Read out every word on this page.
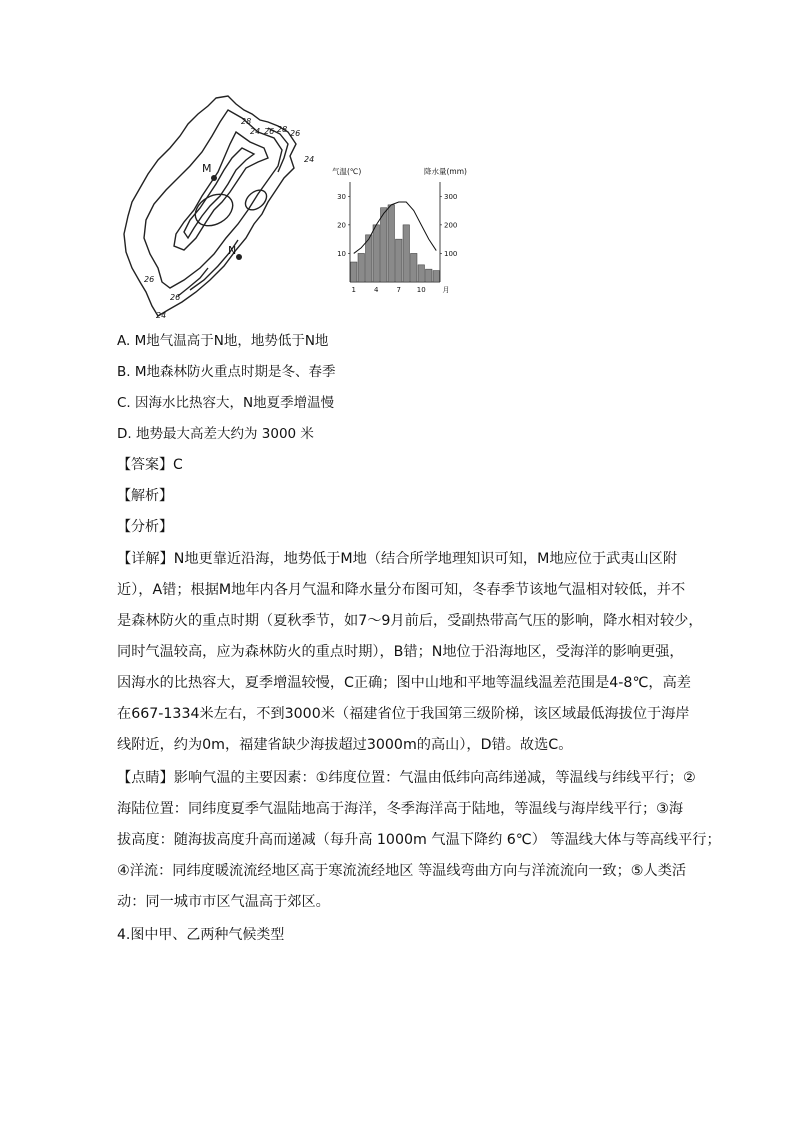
M
N
28
24 26 28 26
24
26
26
24
气温(℃)	降水量(mm)
30
20
10
300
200
100
1	4	7 10 月
A. M地气温高于N地，地势低于N地
B. M地森林防火重点时期是冬、春季
C. 因海水比热容大，N地夏季增温慢
D. 地势最大高差大约为 3000 米
【答案】C
【解析】
【分析】
【详解】N地更靠近沿海，地势低于M地（结合所学地理知识可知，M地应位于武夷山区附
近），A错；根据M地年内各月气温和降水量分布图可知，冬春季节该地气温相对较低，并不
是森林防火的重点时期（夏秋季节，如7～9月前后，受副热带高气压的影响，降水相对较少，
同时气温较高，应为森林防火的重点时期），B错；N地位于沿海地区，受海洋的影响更强，
因海水的比热容大，夏季增温较慢，C正确；图中山地和平地等温线温差范围是4-8℃，高差
在667-1334米左右，不到3000米（福建省位于我国第三级阶梯，该区域最低海拔位于海岸
线附近，约为0m，福建省缺少海拔超过3000m的高山），D错。故选C。
【点睛】影响气温的主要因素：①纬度位置：气温由低纬向高纬递减，等温线与纬线平行；②
海陆位置：同纬度夏季气温陆地高于海洋，冬季海洋高于陆地，等温线与海岸线平行；③海
拔高度：随海拔高度升高而递减（每升高 1000m 气温下降约 6℃） 等温线大体与等高线平行；
④洋流：同纬度暖流流经地区高于寒流流经地区 等温线弯曲方向与洋流流向一致；⑤人类活
动：同一城市市区气温高于郊区。
4.图中甲、乙两种气候类型
